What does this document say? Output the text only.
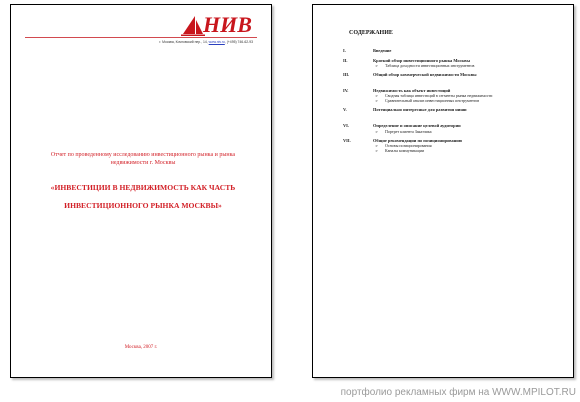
НИВ
г. Москва, Кочновский пер., 14, www.niv.ru, (+495) 746-62-93
Отчет по проведенному исследованию инвестиционного рынка и рынка недвижимости г. Москвы
«ИНВЕСТИЦИИ В НЕДВИЖИМОСТЬ КАК ЧАСТЬ ИНВЕСТИЦИОННОГО РЫНКА МОСКВЫ»
Москва, 2007 г.
СОДЕРЖАНИЕ
I.	Введение
II.	Краткий обзор инвестиционного рынка Москвы
➢ Таблица доходности инвестиционных инструментов
III.	Общий обзор коммерческой недвижимости Москвы
IV.	Недвижимость как объект инвестиций
➢ Сводная таблица инвестиций в сегменты рынка недвижимости
➢ Сравнительный анализ инвестиционных инструментов
V.	Потенциально интересные для развития ниши
VI.	Определение и описание целевой аудитории
➢ Портрет клиента Заказчика
VII.	Общие рекомендации по позиционированию
➢ Основы позиционирования
➢ Каналы коммуникации
портфолио рекламных фирм на WWW.MPILOT.RU
